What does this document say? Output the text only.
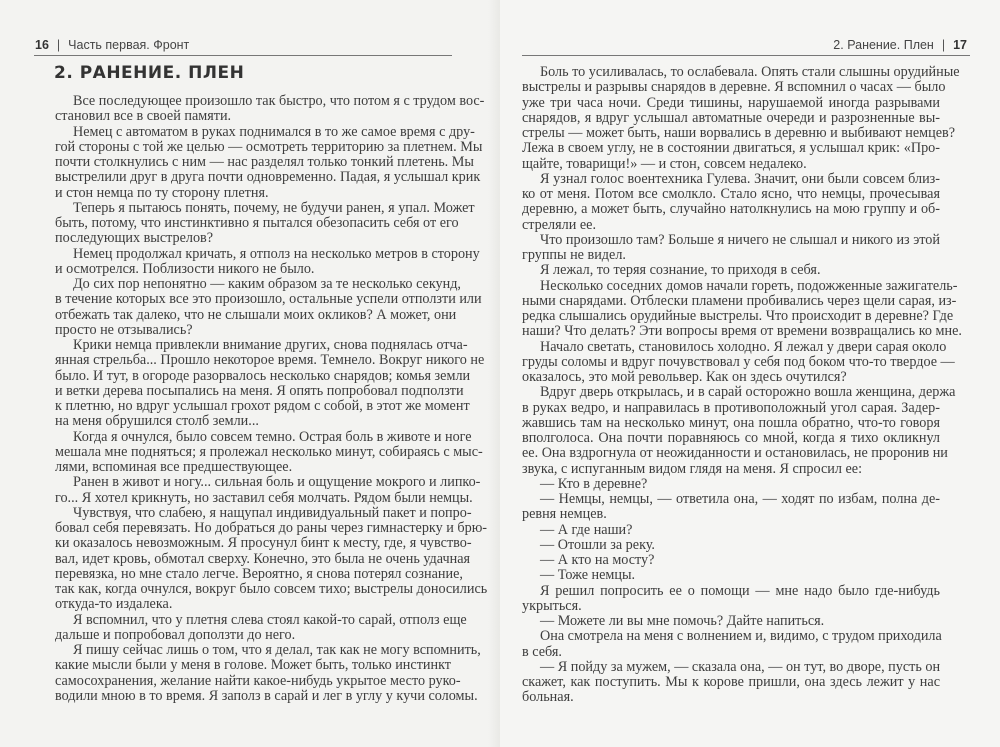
16 | Часть первая. Фронт
2. РАНЕНИЕ. ПЛЕН
Все последующее произошло так быстро, что потом я с трудом вос-
становил все в своей памяти.
Немец с автоматом в руках поднимался в то же самое время с дру-
гой стороны с той же целью — осмотреть территорию за плетнем. Мы
почти столкнулись с ним — нас разделял только тонкий плетень. Мы
выстрелили друг в друга почти одновременно. Падая, я услышал крик
и стон немца по ту сторону плетня.
Теперь я пытаюсь понять, почему, не будучи ранен, я упал. Может
быть, потому, что инстинктивно я пытался обезопасить себя от его
последующих выстрелов?
Немец продолжал кричать, я отполз на несколько метров в сторону
и осмотрелся. Поблизости никого не было.
До сих пор непонятно — каким образом за те несколько секунд,
в течение которых все это произошло, остальные успели отползти или
отбежать так далеко, что не слышали моих окликов? А может, они
просто не отзывались?
Крики немца привлекли внимание других, снова поднялась отча-
янная стрельба... Прошло некоторое время. Темнело. Вокруг никого не
было. И тут, в огороде разорвалось несколько снарядов; комья земли
и ветки дерева посыпались на меня. Я опять попробовал подползти
к плетню, но вдруг услышал грохот рядом с собой, в этот же момент
на меня обрушился столб земли...
Когда я очнулся, было совсем темно. Острая боль в животе и ноге
мешала мне подняться; я пролежал несколько минут, собираясь с мыс-
лями, вспоминая все предшествующее.
Ранен в живот и ногу... сильная боль и ощущение мокрого и липко-
го... Я хотел крикнуть, но заставил себя молчать. Рядом были немцы.
Чувствуя, что слабею, я нащупал индивидуальный пакет и попро-
бовал себя перевязать. Но добраться до раны через гимнастерку и брю-
ки оказалось невозможным. Я просунул бинт к месту, где, я чувство-
вал, идет кровь, обмотал сверху. Конечно, это была не очень удачная
перевязка, но мне стало легче. Вероятно, я снова потерял сознание,
так как, когда очнулся, вокруг было совсем тихо; выстрелы доносились
откуда-то издалека.
Я вспомнил, что у плетня слева стоял какой-то сарай, отполз еще
дальше и попробовал доползти до него.
Я пишу сейчас лишь о том, что я делал, так как не могу вспомнить,
какие мысли были у меня в голове. Может быть, только инстинкт
самосохранения, желание найти какое-нибудь укрытое место руко-
водили мною в то время. Я заполз в сарай и лег в углу у кучи соломы.
2. Ранение. Плен | 17
Боль то усиливалась, то ослабевала. Опять стали слышны орудийные
выстрелы и разрывы снарядов в деревне. Я вспомнил о часах — было
уже три часа ночи. Среди тишины, нарушаемой иногда разрывами
снарядов, я вдруг услышал автоматные очереди и разрозненные вы-
стрелы — может быть, наши ворвались в деревню и выбивают немцев?
Лежа в своем углу, не в состоянии двигаться, я услышал крик: «Про-
щайте, товарищи!» — и стон, совсем недалеко.
Я узнал голос воентехника Гулева. Значит, они были совсем близ-
ко от меня. Потом все смолкло. Стало ясно, что немцы, прочесывая
деревню, а может быть, случайно натолкнулись на мою группу и об-
стреляли ее.
Что произошло там? Больше я ничего не слышал и никого из этой
группы не видел.
Я лежал, то теряя сознание, то приходя в себя.
Несколько соседних домов начали гореть, подожженные зажигатель-
ными снарядами. Отблески пламени пробивались через щели сарая, из-
редка слышались орудийные выстрелы. Что происходит в деревне? Где
наши? Что делать? Эти вопросы время от времени возвращались ко мне.
Начало светать, становилось холодно. Я лежал у двери сарая около
груды соломы и вдруг почувствовал у себя под боком что-то твердое —
оказалось, это мой револьвер. Как он здесь очутился?
Вдруг дверь открылась, и в сарай осторожно вошла женщина, держа
в руках ведро, и направилась в противоположный угол сарая. Задер-
жавшись там на несколько минут, она пошла обратно, что-то говоря
вполголоса. Она почти поравняюсь со мной, когда я тихо окликнул
ее. Она вздрогнула от неожиданности и остановилась, не проронив ни
звука, с испуганным видом глядя на меня. Я спросил ее:
— Кто в деревне?
— Немцы, немцы, — ответила она, — ходят по избам, полна де-
ревня немцев.
— А где наши?
— Отошли за реку.
— А кто на мосту?
— Тоже немцы.
Я решил попросить ее о помощи — мне надо было где-нибудь
укрыться.
— Можете ли вы мне помочь? Дайте напиться.
Она смотрела на меня с волнением и, видимо, с трудом приходила
в себя.
— Я пойду за мужем, — сказала она, — он тут, во дворе, пусть он
скажет, как поступить. Мы к корове пришли, она здесь лежит у нас
больная.
